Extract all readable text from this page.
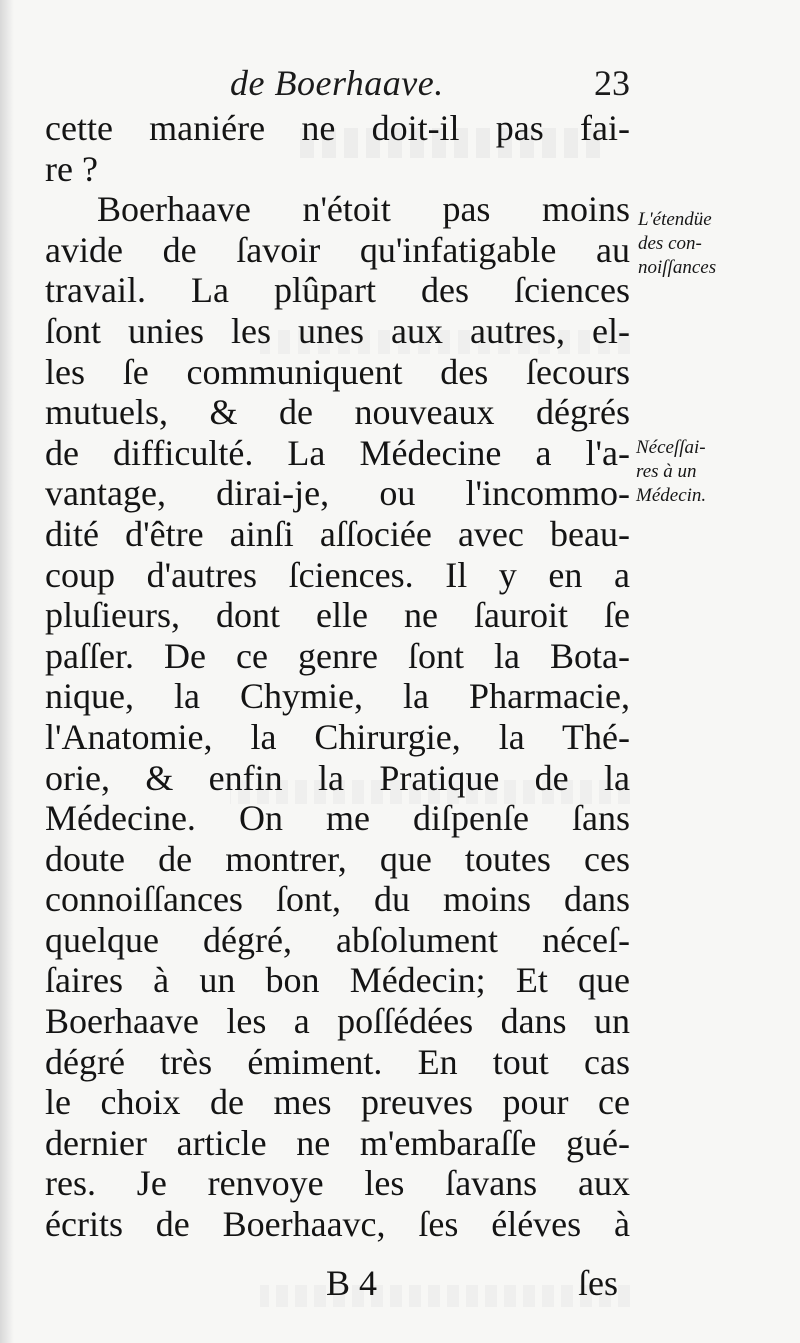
de Boerhaave.	23
cette maniére ne doit-il pas fai-
re ?
Boerhaave n'étoit pas moins
avide de ſavoir qu'infatigable au
travail. La plûpart des ſciences
ſont unies les unes aux autres, el-
les ſe communiquent des ſecours
mutuels, & de nouveaux dégrés
de difficulté. La Médecine a l'a-
vantage, dirai-je, ou l'incommo-
dité d'être ainſi aſſociée avec beau-
coup d'autres ſciences. Il y en a
pluſieurs, dont elle ne ſauroit ſe
paſſer. De ce genre ſont la Bota-
nique, la Chymie, la Pharmacie,
l'Anatomie, la Chirurgie, la Thé-
orie, & enfin la Pratique de la
Médecine. On me diſpenſe ſans
doute de montrer, que toutes ces
connoiſſances ſont, du moins dans
quelque dégré, abſolument néceſ-
ſaires à un bon Médecin; Et que
Boerhaave les a poſſédées dans un
dégré très émiment. En tout cas
le choix de mes preuves pour ce
dernier article ne m'embaraſſe gué-
res. Je renvoye les ſavans aux
écrits de Boerhaavc, ſes éléves à
L'étendüe
des con-
noiſſances
Néceſſai-
res à un
Médecin.
B 4	ſes
